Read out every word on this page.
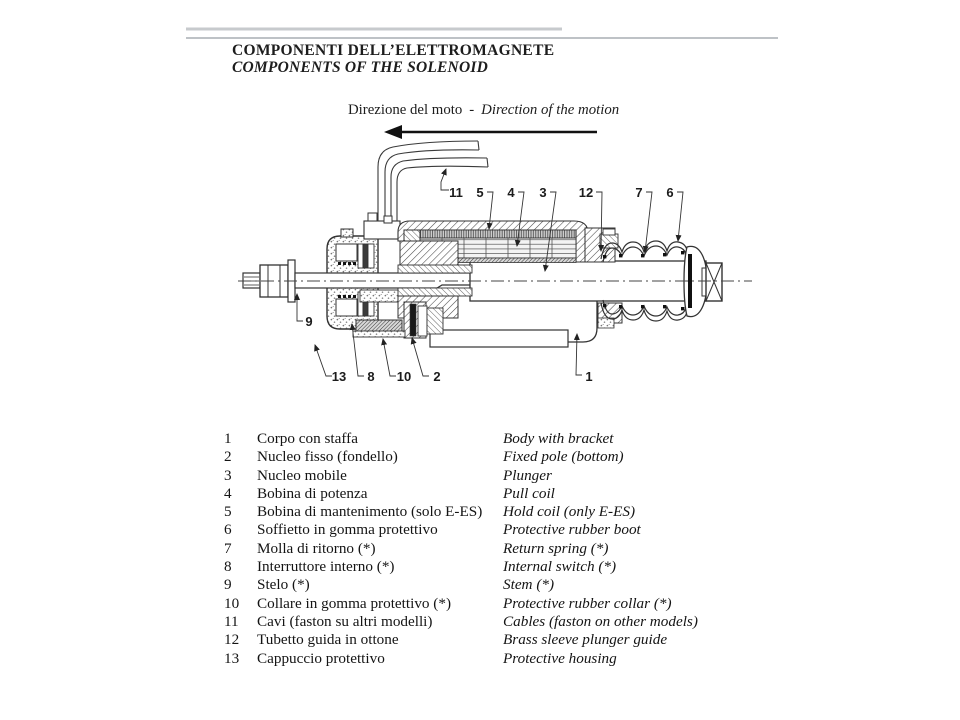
11 5 4 3 12	7 6
9
13 8 10 2	1
COMPONENTI DELL’ELETTROMAGNETE
COMPONENTS OF THE SOLENOID
Direzione del moto - Direction of the motion
1	Corpo con staffa	Body with bracket
2	Nucleo fisso (fondello)	Fixed pole (bottom)
3	Nucleo mobile	Plunger
4	Bobina di potenza	Pull coil
5	Bobina di mantenimento (solo E-ES)	Hold coil (only E-ES)
6	Soffietto in gomma protettivo	Protective rubber boot
7	Molla di ritorno (*)	Return spring (*)
8	Interruttore interno (*)	Internal switch (*)
9	Stelo (*)	Stem (*)
10	Collare in gomma protettivo (*)	Protective rubber collar (*)
11	Cavi (faston su altri modelli)	Cables (faston on other models)
12	Tubetto guida in ottone	Brass sleeve plunger guide
13	Cappuccio protettivo	Protective housing
